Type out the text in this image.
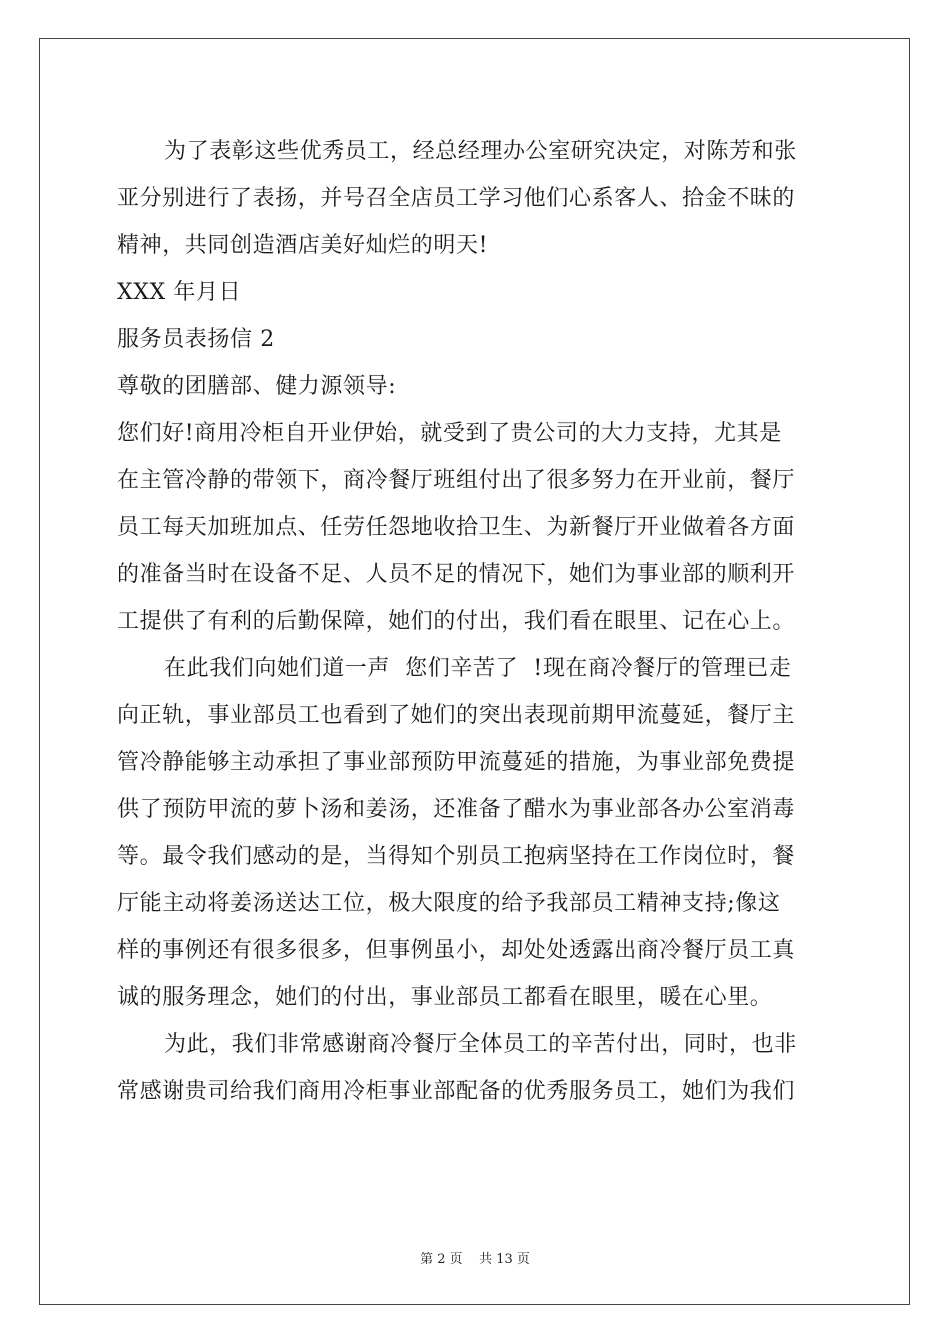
为了表彰这些优秀员工，经总经理办公室研究决定，对陈芳和张
亚分别进行了表扬，并号召全店员工学习他们心系客人、拾金不昧的
精神，共同创造酒店美好灿烂的明天!
XXX 年月日
服务员表扬信 2
尊敬的团膳部、健力源领导:
您们好!商用冷柜自开业伊始，就受到了贵公司的大力支持，尤其是
在主管冷静的带领下，商冷餐厅班组付出了很多努力在开业前，餐厅
员工每天加班加点、任劳任怨地收拾卫生、为新餐厅开业做着各方面
的准备当时在设备不足、人员不足的情况下，她们为事业部的顺利开
工提供了有利的后勤保障，她们的付出，我们看在眼里、记在心上。
在此我们向她们道一声  您们辛苦了  !现在商冷餐厅的管理已走
向正轨，事业部员工也看到了她们的突出表现前期甲流蔓延，餐厅主
管冷静能够主动承担了事业部预防甲流蔓延的措施，为事业部免费提
供了预防甲流的萝卜汤和姜汤，还准备了醋水为事业部各办公室消毒
等。最令我们感动的是，当得知个别员工抱病坚持在工作岗位时，餐
厅能主动将姜汤送达工位，极大限度的给予我部员工精神支持;像这
样的事例还有很多很多，但事例虽小，却处处透露出商冷餐厅员工真
诚的服务理念，她们的付出，事业部员工都看在眼里，暖在心里。
为此，我们非常感谢商冷餐厅全体员工的辛苦付出，同时，也非
常感谢贵司给我们商用冷柜事业部配备的优秀服务员工，她们为我们
第 2 页    共 13 页
